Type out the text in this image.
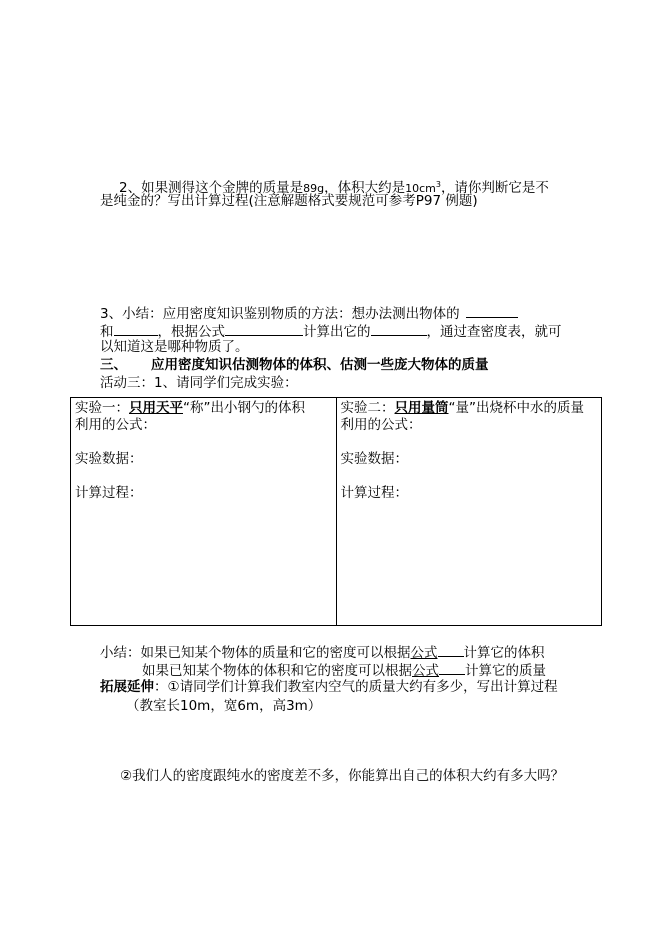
2、如果测得这个金牌的质量是89g，体积大约是$10cm^3$，请你判断它是不
是纯金的？写出计算过程(注意解题格式要规范可参考P97 例题)
3、小结：应用密度知识鉴别物质的方法：想办法测出物体的
和	，根据公式	计算出它的	，通过查密度表，就可
以知道这是哪种物质了。
三、 应用密度知识估测物体的体积、估测一些庞大物体的质量
活动三：1、请同学们完成实验：
实验一：只用天平“称”出小钢勺的体积
利用的公式：
实验数据：
计算过程：

实验二：只用量筒“量”出烧杯中水的质量
利用的公式：
实验数据：
计算过程：
小结：如果已知某个物体的质量和它的密度可以根据公式 计算它的体积
如果已知某个物体的体积和它的密度可以根据公式 计算它的质量
拓展延伸：①请同学们计算我们教室内空气的质量大约有多少，写出计算过程
（教室长10m，宽6m，高3m）
②我们人的密度跟纯水的密度差不多，你能算出自己的体积大约有多大吗？
